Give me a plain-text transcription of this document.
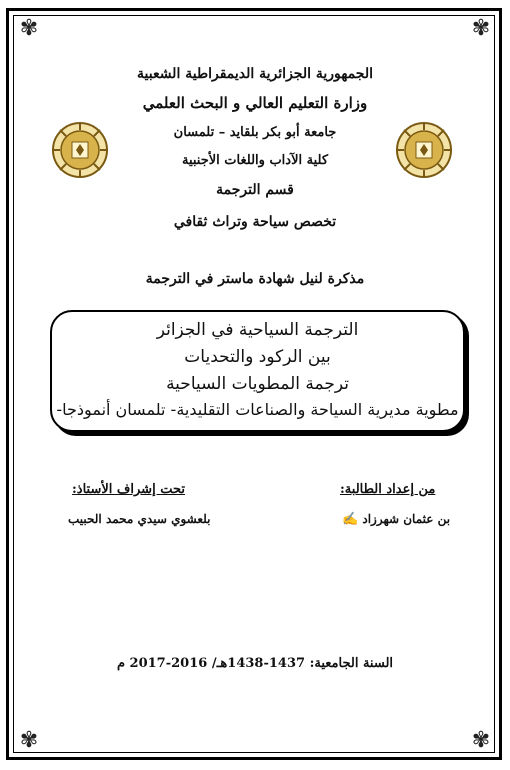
✾	✾
✾	✾
الجمهورية الجزائرية الديمقراطية الشعبية
وزارة التعليم العالي و البحث العلمي
جامعة أبو بكر بلقايد – تلمسان
كلية الآداب واللغات الأجنبية
قسم الترجمة
تخصص سياحة وتراث ثقافي
مذكرة لنيل شهادة ماستر في الترجمة
الترجمة السياحية في الجزائر
بين الركود والتحديات
ترجمة المطويات السياحية
مطوية مديرية السياحة والصناعات التقليدية- تلمسان أنموذجا-
من إعداد الطالبة:
تحت إشراف الأستاذ:
بن عثمان شهرزاد ✍
بلعشوي سيدي محمد الحبيب
السنة الجامعية: 1437-1438هـ/ 2016-2017 م
